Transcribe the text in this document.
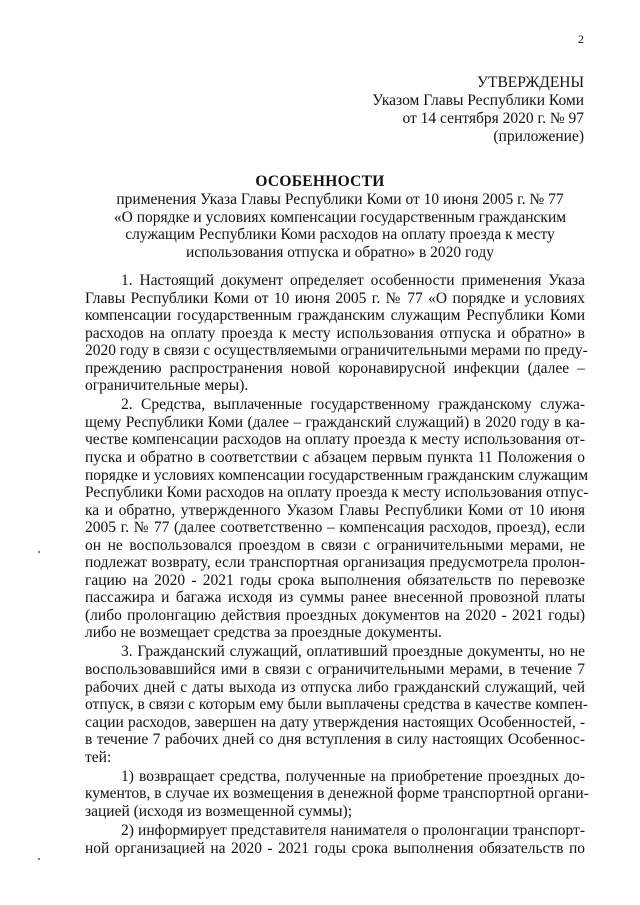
2
УТВЕРЖДЕНЫ
Указом Главы Республики Коми
от 14 сентября 2020 г. № 97
(приложение)
ОСОБЕННОСТИ
применения Указа Главы Республики Коми от 10 июня 2005 г. № 77
«О порядке и условиях компенсации государственным гражданским
служащим Республики Коми расходов на оплату проезда к месту
использования отпуска и обратно» в 2020 году
1. Настоящий документ определяет особенности применения Указа
Главы Республики Коми от 10 июня 2005 г. № 77 «О порядке и условиях
компенсации государственным гражданским служащим Республики Коми
расходов на оплату проезда к месту использования отпуска и обратно» в
2020 году в связи с осуществляемыми ограничительными мерами по преду-
преждению распространения новой коронавирусной инфекции (далее –
ограничительные меры).
2. Средства, выплаченные государственному гражданскому служа-
щему Республики Коми (далее – гражданский служащий) в 2020 году в ка-
честве компенсации расходов на оплату проезда к месту использования от-
пуска и обратно в соответствии с абзацем первым пункта 11 Положения о
порядке и условиях компенсации государственным гражданским служащим
Республики Коми расходов на оплату проезда к месту использования отпус-
ка и обратно, утвержденного Указом Главы Республики Коми от 10 июня
2005 г. № 77 (далее соответственно – компенсация расходов, проезд), если
он не воспользовался проездом в связи с ограничительными мерами, не
подлежат возврату, если транспортная организация предусмотрела пролон-
гацию на 2020 - 2021 годы срока выполнения обязательств по перевозке
пассажира и багажа исходя из суммы ранее внесенной провозной платы
(либо пролонгацию действия проездных документов на 2020 - 2021 годы)
либо не возмещает средства за проездные документы.
3. Гражданский служащий, оплативший проездные документы, но не
воспользовавшийся ими в связи с ограничительными мерами, в течение 7
рабочих дней с даты выхода из отпуска либо гражданский служащий, чей
отпуск, в связи с которым ему были выплачены средства в качестве компен-
сации расходов, завершен на дату утверждения настоящих Особенностей, -
в течение 7 рабочих дней со дня вступления в силу настоящих Особеннос-
тей:
1) возвращает средства, полученные на приобретение проездных до-
кументов, в случае их возмещения в денежной форме транспортной органи-
зацией (исходя из возмещенной суммы);
2) информирует представителя нанимателя о пролонгации транспорт-
ной организацией на 2020 - 2021 годы срока выполнения обязательств по
